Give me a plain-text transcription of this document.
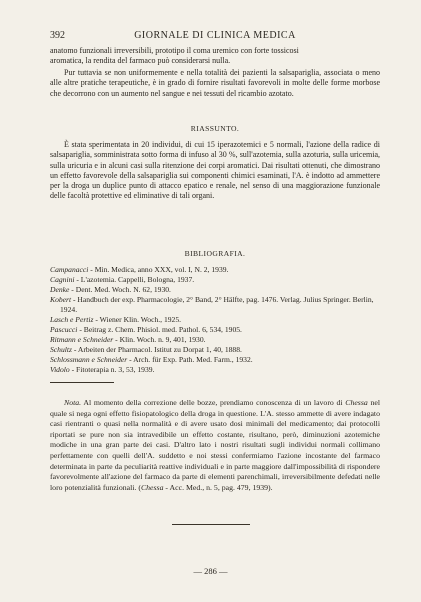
392	GIORNALE DI CLINICA MEDICA

anatomo funzionali irreversibili, prototipo il coma uremico con forte tossicosi

aromatica, la rendita del farmaco può considerarsi nulla.

Pur tuttavia se non uniformemente e nella totalità dei pazienti la salsapariglia, associata o meno alle altre pratiche terapeutiche, è in grado di fornire risultati favorevoli in molte delle forme morbose che decorrono con un aumento nel sangue e nei tessuti del ricambio azotato.

RIASSUNTO.

È stata sperimentata in 20 individui, di cui 15 iperazotemici e 5 normali, l'azione della radice di salsapariglia, somministrata sotto forma di infuso al 30 %, sull'azotemia, sulla azoturia, sulla uricemia, sulla uricuria e in alcuni casi sulla ritenzione dei corpi aromatici. Dai risultati ottenuti, che dimostrano un effetto favorevole della salsapariglia sui componenti chimici esaminati, l'A. è indotto ad ammettere per la droga un duplice punto di attacco epatico e renale, nel senso di una maggiorazione funzionale delle facoltà protettive ed eliminative di tali organi.

BIBLIOGRAFIA.

Campanacci - Min. Medica, anno XXX, vol. I, N. 2, 1939.
Cagnini - L'azotemia. Cappelli, Bologna, 1937.
Denke - Dent. Med. Woch. N. 62, 1930.
Kobert - Handbuch der exp. Pharmacologie, 2° Band, 2° Hälfte, pag. 1476. Verlag. Julius Springer. Berlin, 1924.
Lasch e Pertiz - Wiener Klin. Woch., 1925.
Pascucci - Beitrag z. Chem. Phisiol. med. Pathol. 6, 534, 1905.
Ritmann e Schneider - Klin. Woch. n. 9, 401, 1930.
Schultz - Arbeiten der Pharmacol. Istitut zu Dorpat 1, 40, 1888.
Schlossmann e Schneider - Arch. für Exp. Path. Med. Farm., 1932.
Vidolo - Fitoterapia n. 3, 53, 1939.

Nota. Al momento della correzione delle bozze, prendiamo conoscenza di un lavoro di Chessa nel quale si nega ogni effetto fisiopatologico della droga in questione. L'A. stesso ammette di avere indagato casi rientranti o quasi nella normalità e di avere usato dosi minimali del medicamento; dai protocolli riportati se pure non sia intravedibile un effetto costante, risultano, però, diminuzioni azotemiche modiche in una gran parte dei casi. D'altro lato i nostri risultati sugli individui normali collimano perfettamente con quelli dell'A. suddetto e noi stessi confermiamo l'azione incostante del farmaco determinata in parte da peculiarità reattive individuali e in parte maggiore dall'impossibilità di rispondere favorevolmente all'azione del farmaco da parte di elementi parenchimali, irreversibilmente defedati nelle loro potenzialità funzionali. (Chessa - Acc. Med., n. 5, pag. 479, 1939).

— 286 —
